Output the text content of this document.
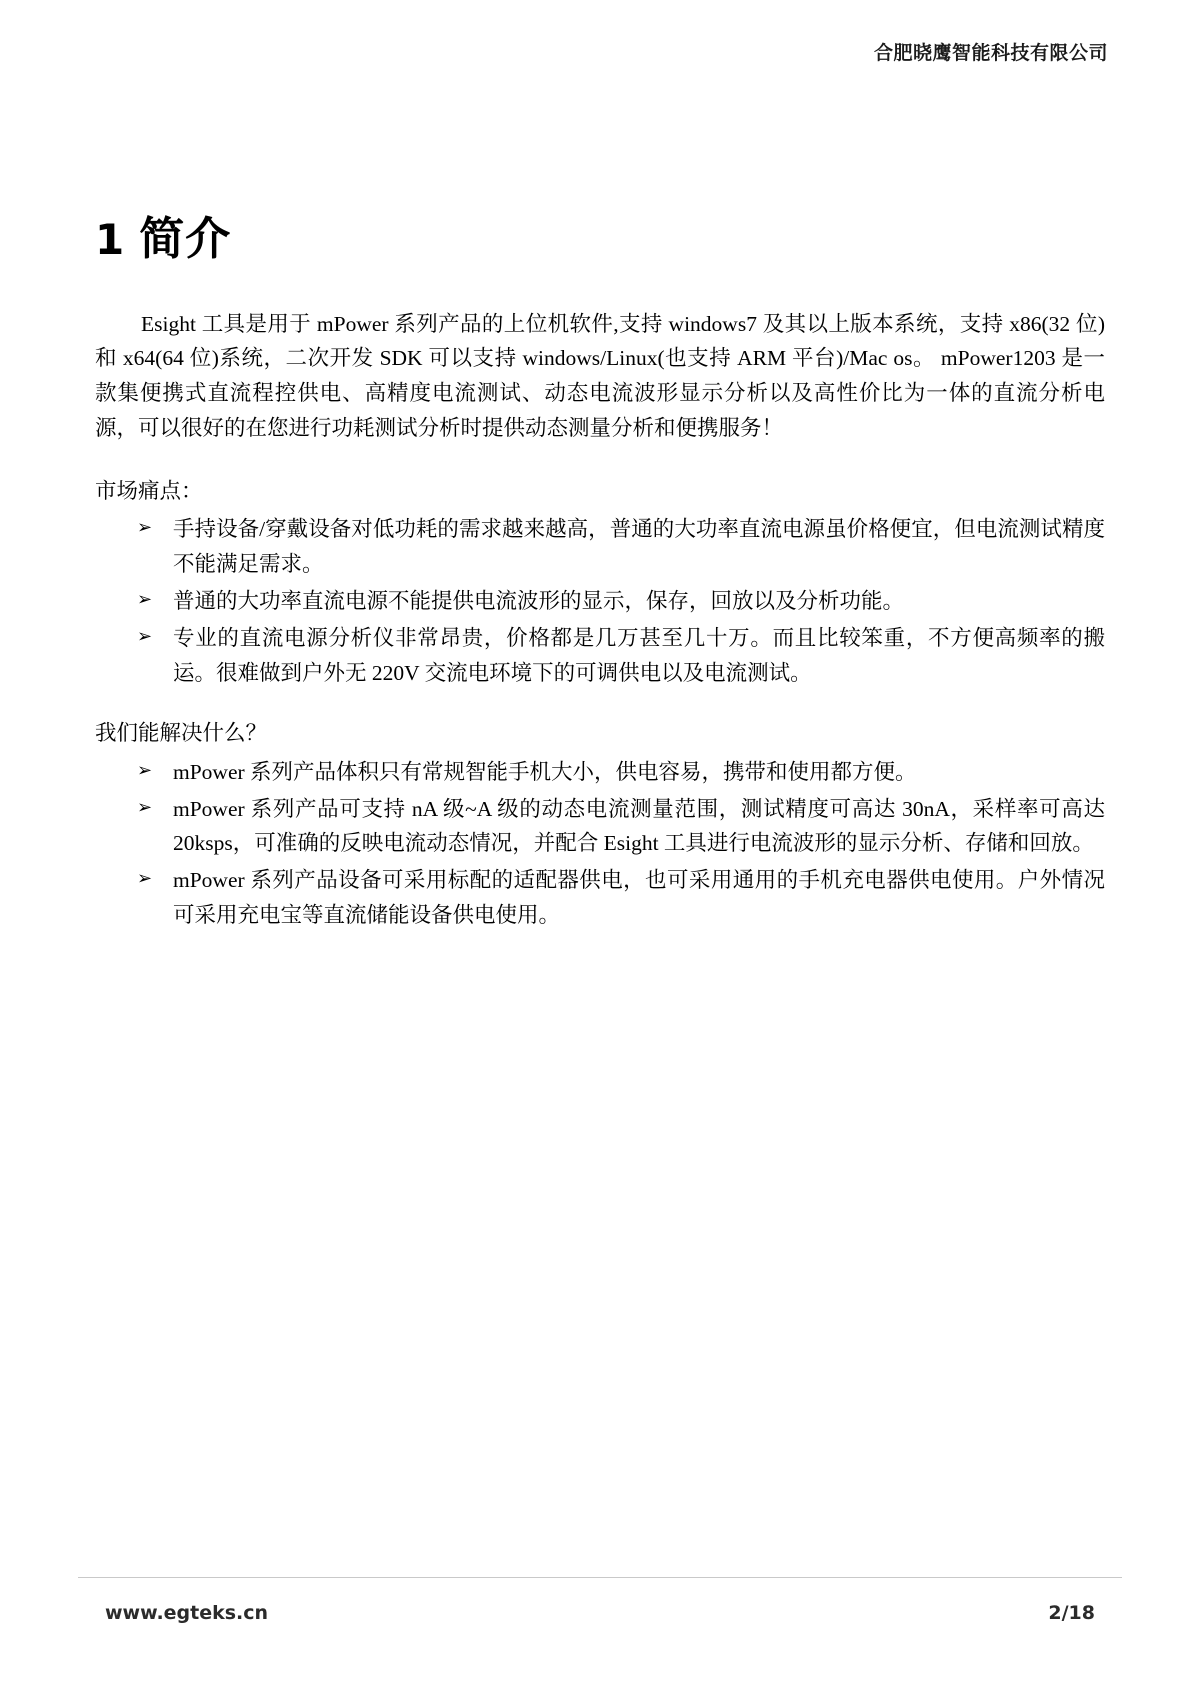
合肥晓鹰智能科技有限公司
1 简介

Esight 工具是用于 mPower 系列产品的上位机软件,支持 windows7 及其以上版本系统，支持 x86(32 位)和 x64(64 位)系统，二次开发 SDK 可以支持 windows/Linux(也支持 ARM 平台)/Mac os。 mPower1203 是一款集便携式直流程控供电、高精度电流测试、动态电流波形显示分析以及高性价比为一体的直流分析电源，可以很好的在您进行功耗测试分析时提供动态测量分析和便携服务！

市场痛点：
➢ 手持设备/穿戴设备对低功耗的需求越来越高，普通的大功率直流电源虽价格便宜，但电流测试精度不能满足需求。
➢ 普通的大功率直流电源不能提供电流波形的显示，保存，回放以及分析功能。
➢ 专业的直流电源分析仪非常昂贵，价格都是几万甚至几十万。而且比较笨重，不方便高频率的搬运。很难做到户外无 220V 交流电环境下的可调供电以及电流测试。
我们能解决什么？
➢ mPower 系列产品体积只有常规智能手机大小，供电容易，携带和使用都方便。
➢ mPower 系列产品可支持 nA 级~A 级的动态电流测量范围，测试精度可高达 30nA，采样率可高达 20ksps，可准确的反映电流动态情况，并配合 Esight 工具进行电流波形的显示分析、存储和回放。
➢ mPower 系列产品设备可采用标配的适配器供电，也可采用通用的手机充电器供电使用。户外情况可采用充电宝等直流储能设备供电使用。
www.egteks.cn	2/18
